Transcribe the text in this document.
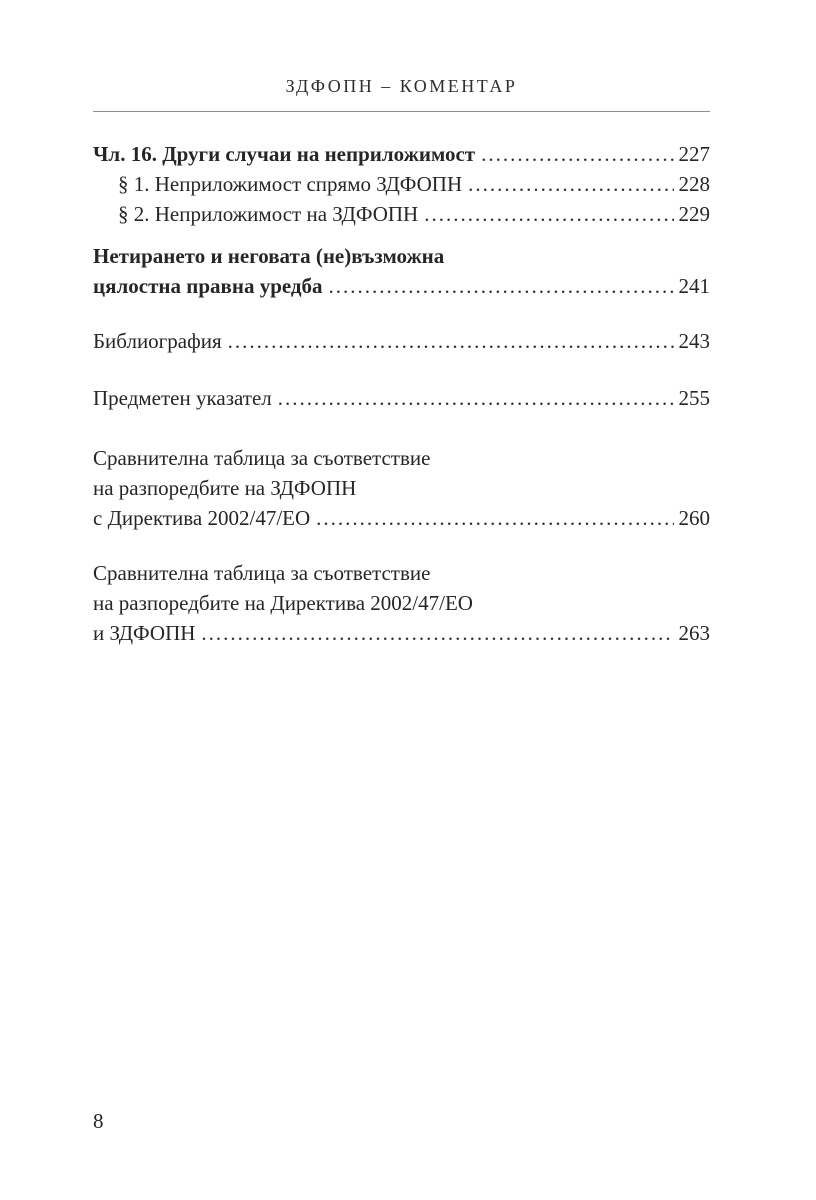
ЗДФОПН – КОМЕНТАР
Чл. 16. Други случаи на неприложимост .....	227
§ 1. Неприложимост спрямо ЗДФОПН .....	228
§ 2. Неприложимост на ЗДФОПН .....	229
Нетирането и неговата (не)възможна
цялостна правна уредба .....	241
Библиография .....	243
Предметен указател .....	255
Сравнителна таблица за съответствие
на разпоредбите на ЗДФОПН
с Директива 2002/47/ЕО .....	260
Сравнителна таблица за съответствие
на разпоредбите на Директива 2002/47/ЕО
и ЗДФОПН .....	263
8
